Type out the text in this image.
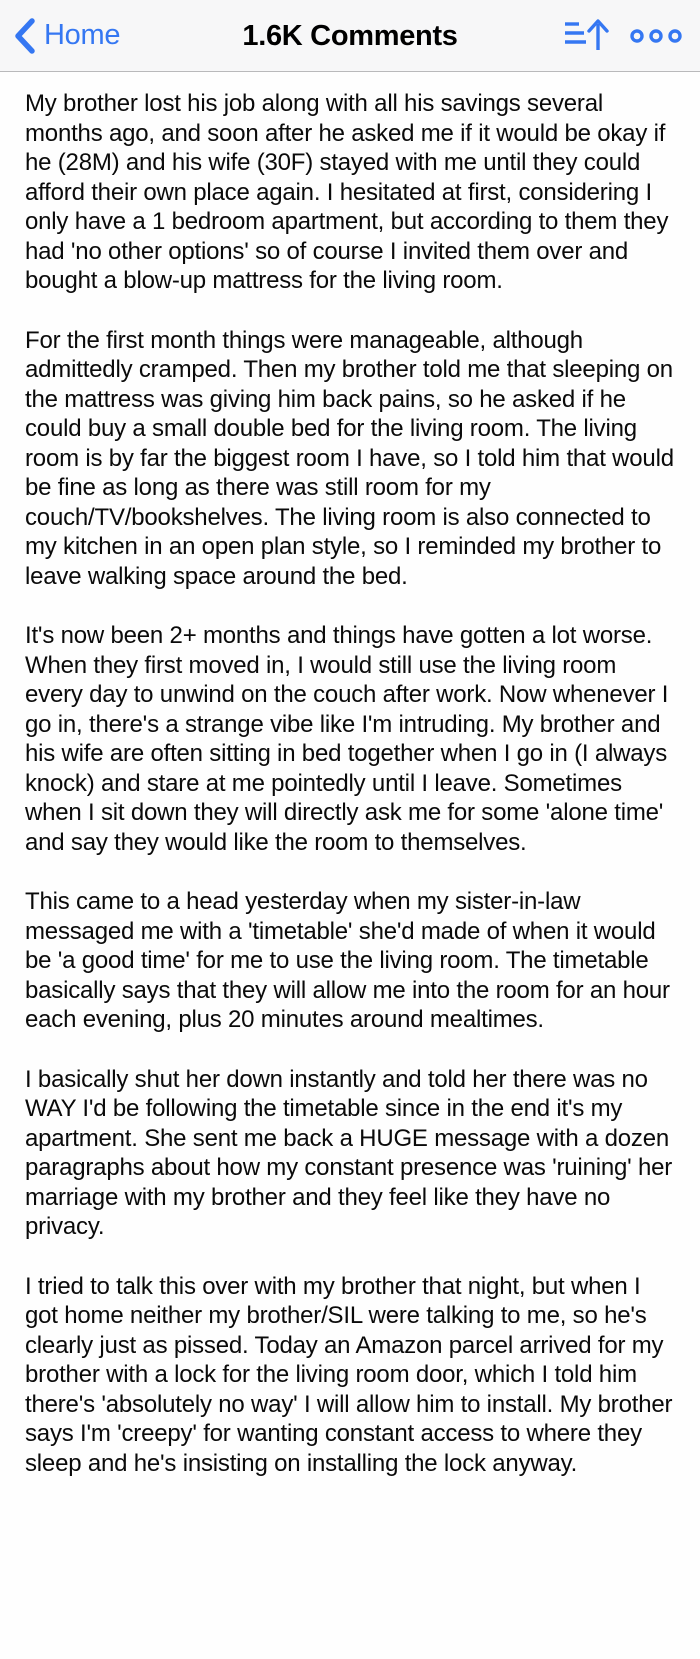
Home	1.6K Comments

My brother lost his job along with all his savings several months ago, and soon after he asked me if it would be okay if he (28M) and his wife (30F) stayed with me until they could afford their own place again. I hesitated at first, considering I only have a 1 bedroom apartment, but according to them they had 'no other options' so of course I invited them over and bought a blow-up mattress for the living room.

For the first month things were manageable, although admittedly cramped. Then my brother told me that sleeping on the mattress was giving him back pains, so he asked if he could buy a small double bed for the living room. The living room is by far the biggest room I have, so I told him that would be fine as long as there was still room for my couch/TV/bookshelves. The living room is also connected to my kitchen in an open plan style, so I reminded my brother to leave walking space around the bed.

It's now been 2+ months and things have gotten a lot worse. When they first moved in, I would still use the living room every day to unwind on the couch after work. Now whenever I go in, there's a strange vibe like I'm intruding. My brother and his wife are often sitting in bed together when I go in (I always knock) and stare at me pointedly until I leave. Sometimes when I sit down they will directly ask me for some 'alone time' and say they would like the room to themselves.

This came to a head yesterday when my sister-in-law messaged me with a 'timetable' she'd made of when it would be 'a good time' for me to use the living room. The timetable basically says that they will allow me into the room for an hour each evening, plus 20 minutes around mealtimes.

I basically shut her down instantly and told her there was no WAY I'd be following the timetable since in the end it's my apartment. She sent me back a HUGE message with a dozen paragraphs about how my constant presence was 'ruining' her marriage with my brother and they feel like they have no privacy.

I tried to talk this over with my brother that night, but when I got home neither my brother/SIL were talking to me, so he's clearly just as pissed. Today an Amazon parcel arrived for my brother with a lock for the living room door, which I told him there's 'absolutely no way' I will allow him to install. My brother says I'm 'creepy' for wanting constant access to where they sleep and he's insisting on installing the lock anyway.
